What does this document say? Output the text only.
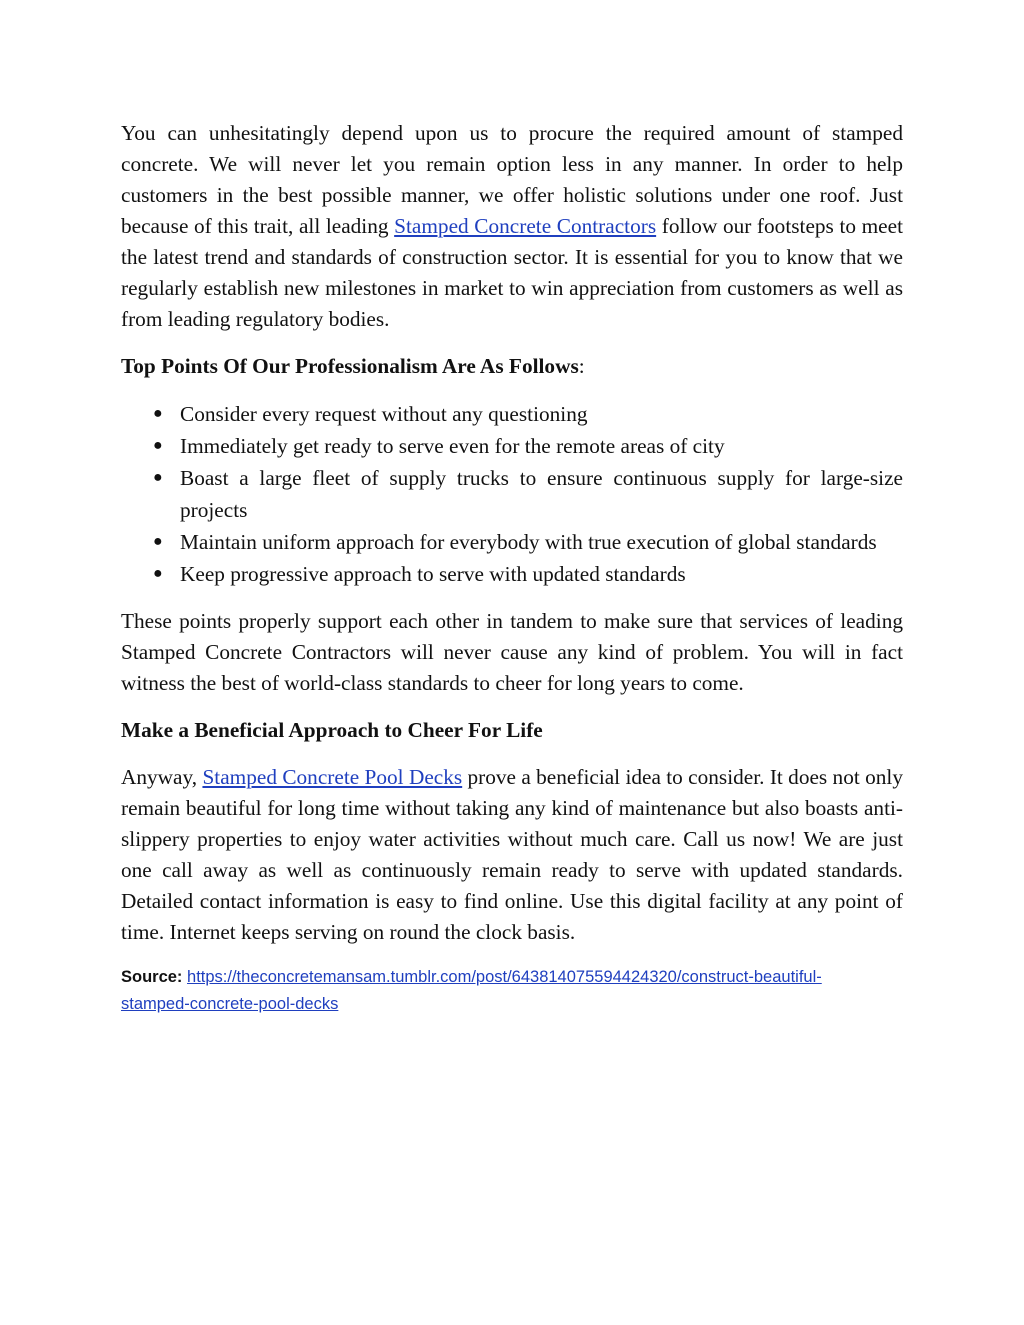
You can unhesitatingly depend upon us to procure the required amount of stamped concrete. We will never let you remain option less in any manner. In order to help customers in the best possible manner, we offer holistic solutions under one roof. Just because of this trait, all leading Stamped Concrete Contractors follow our footsteps to meet the latest trend and standards of construction sector. It is essential for you to know that we regularly establish new milestones in market to win appreciation from customers as well as from leading regulatory bodies.

Top Points Of Our Professionalism Are As Follows:
● Consider every request without any questioning
● Immediately get ready to serve even for the remote areas of city
● Boast a large fleet of supply trucks to ensure continuous supply for large-size projects
● Maintain uniform approach for everybody with true execution of global standards
● Keep progressive approach to serve with updated standards

These points properly support each other in tandem to make sure that services of leading Stamped Concrete Contractors will never cause any kind of problem. You will in fact witness the best of world-class standards to cheer for long years to come.

Make a Beneficial Approach to Cheer For Life

Anyway, Stamped Concrete Pool Decks prove a beneficial idea to consider. It does not only remain beautiful for long time without taking any kind of maintenance but also boasts anti-slippery properties to enjoy water activities without much care. Call us now! We are just one call away as well as continuously remain ready to serve with updated standards. Detailed contact information is easy to find online. Use this digital facility at any point of time. Internet keeps serving on round the clock basis.

Source: https://theconcretemansam.tumblr.com/post/643814075594424320/construct-beautiful-
stamped-concrete-pool-decks
